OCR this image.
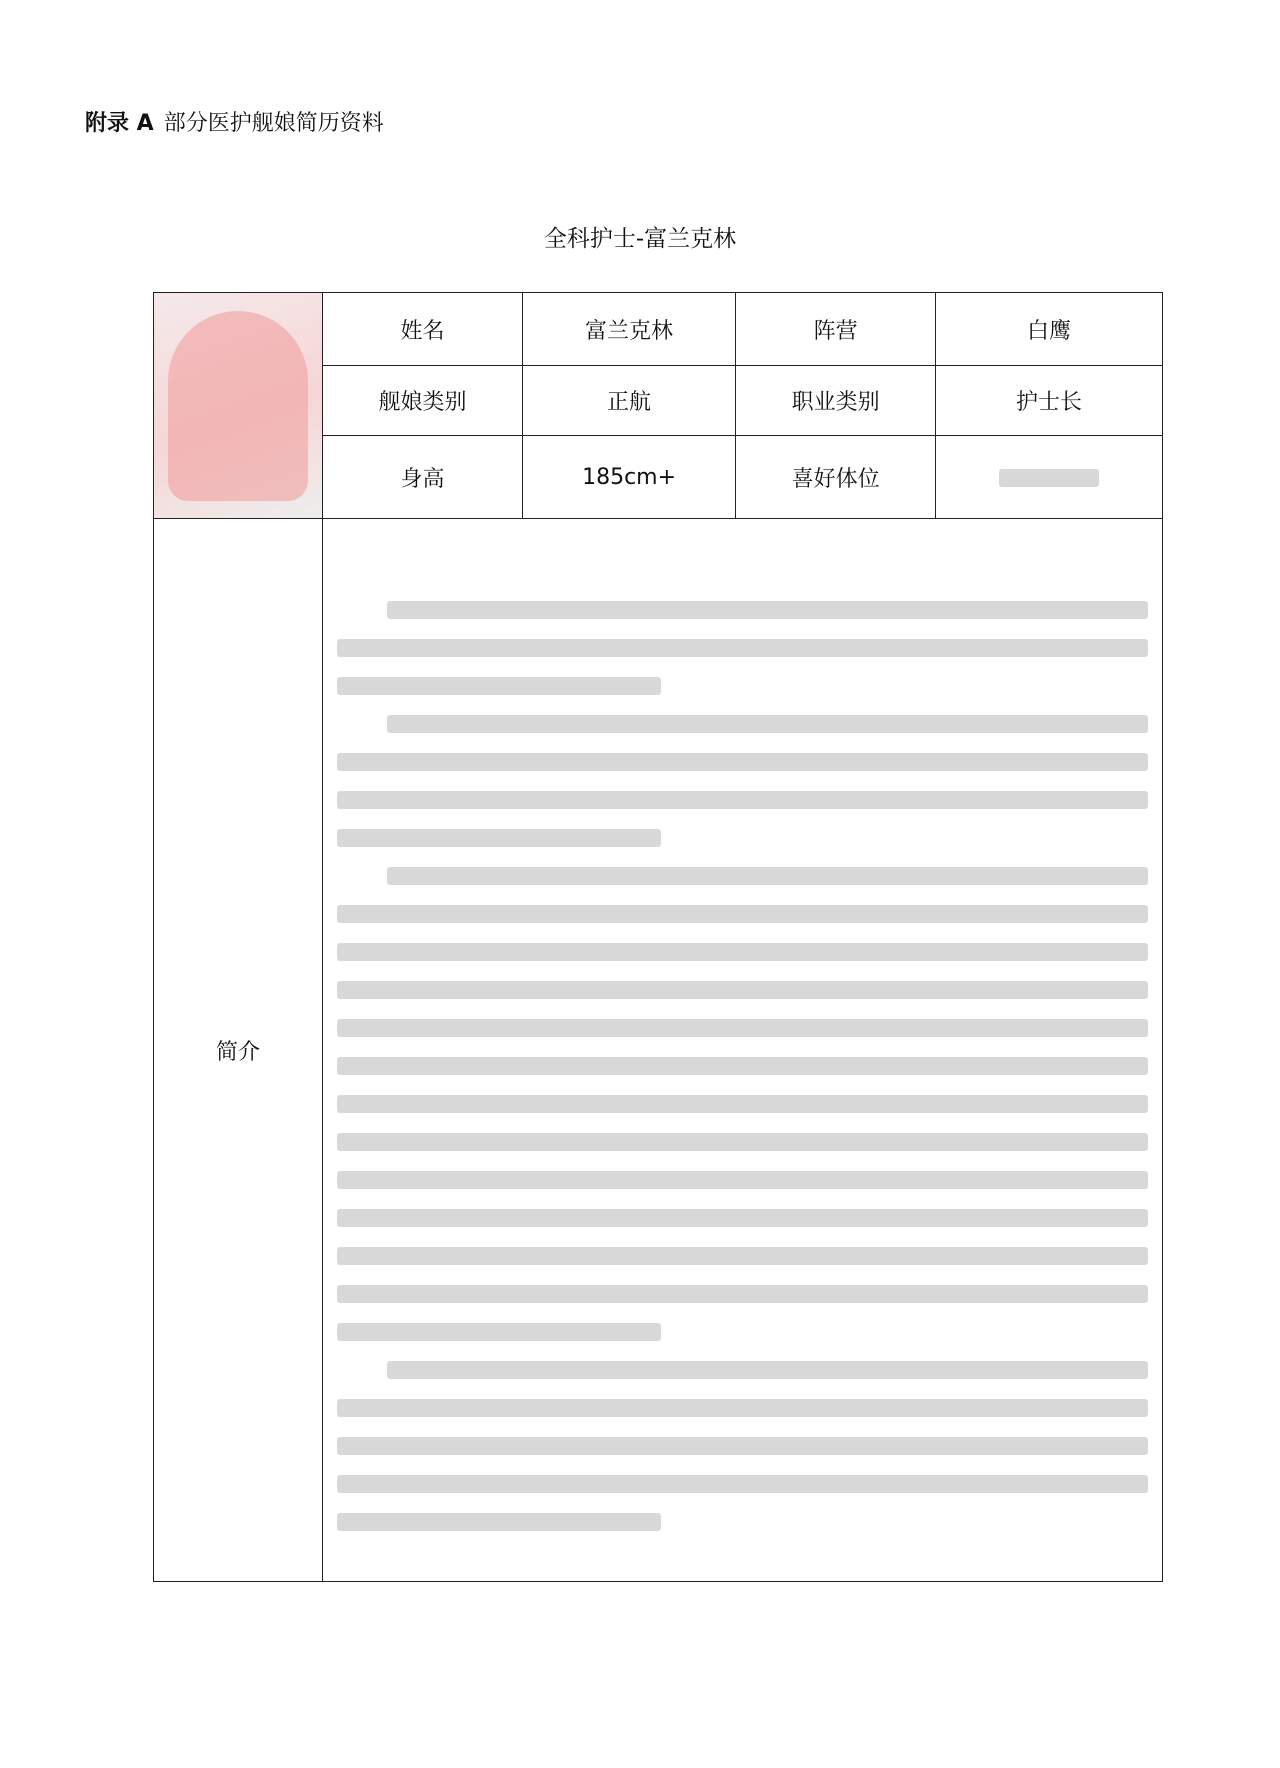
附录 A 部分医护舰娘简历资料
全科护士-富兰克林
	姓名	富兰克林	阵营	白鹰
	舰娘类别	正航	职业类别	护士长
	身高	185cm+	喜好体位	
简介				
